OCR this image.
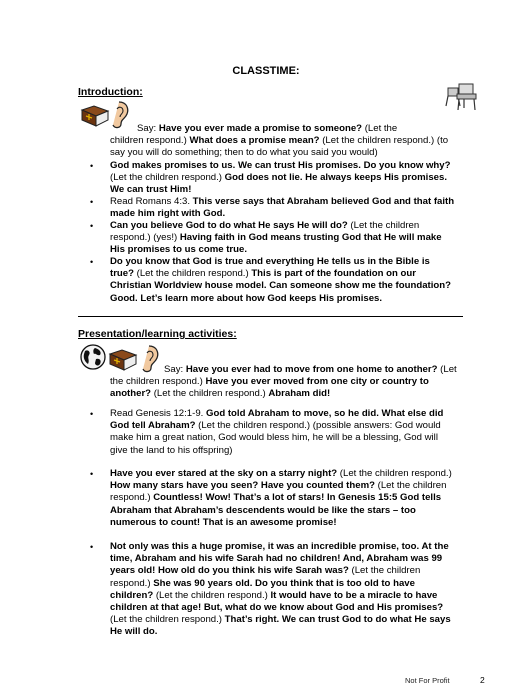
CLASSTIME:
Introduction:
Say: Have you ever made a promise to someone? (Let the
children respond.) What does a promise mean? (Let the children respond.) (to
say you will do something; then to do what you said you would)
• God makes promises to us. We can trust His promises. Do you know why?
(Let the children respond.) God does not lie. He always keeps His promises.
We can trust Him!
• Read Romans 4:3. This verse says that Abraham believed God and that faith
made him right with God.
• Can you believe God to do what He says He will do? (Let the children
respond.) (yes!) Having faith in God means trusting God that He will make
His promises to us come true.
• Do you know that God is true and everything He tells us in the Bible is
true? (Let the children respond.) This is part of the foundation on our
Christian Worldview house model. Can someone show me the foundation?
Good. Let’s learn more about how God keeps His promises.
Presentation/learning activities:
Say: Have you ever had to move from one home to another? (Let
the children respond.) Have you ever moved from one city or country to
another? (Let the children respond.) Abraham did!
• Read Genesis 12:1-9. God told Abraham to move, so he did. What else did
God tell Abraham? (Let the children respond.) (possible answers: God would
make him a great nation, God would bless him, he will be a blessing, God will
give the land to his offspring)
• Have you ever stared at the sky on a starry night? (Let the children respond.)
How many stars have you seen? Have you counted them? (Let the children
respond.) Countless! Wow! That’s a lot of stars! In Genesis 15:5 God tells
Abraham that Abraham’s descendents would be like the stars – too
numerous to count! That is an awesome promise!
• Not only was this a huge promise, it was an incredible promise, too. At the
time, Abraham and his wife Sarah had no children! And, Abraham was 99
years old! How old do you think his wife Sarah was? (Let the children
respond.) She was 90 years old. Do you think that is too old to have
children? (Let the children respond.) It would have to be a miracle to have
children at that age! But, what do we know about God and His promises?
(Let the children respond.) That’s right. We can trust God to do what He says
He will do.
Not For Profit	2
